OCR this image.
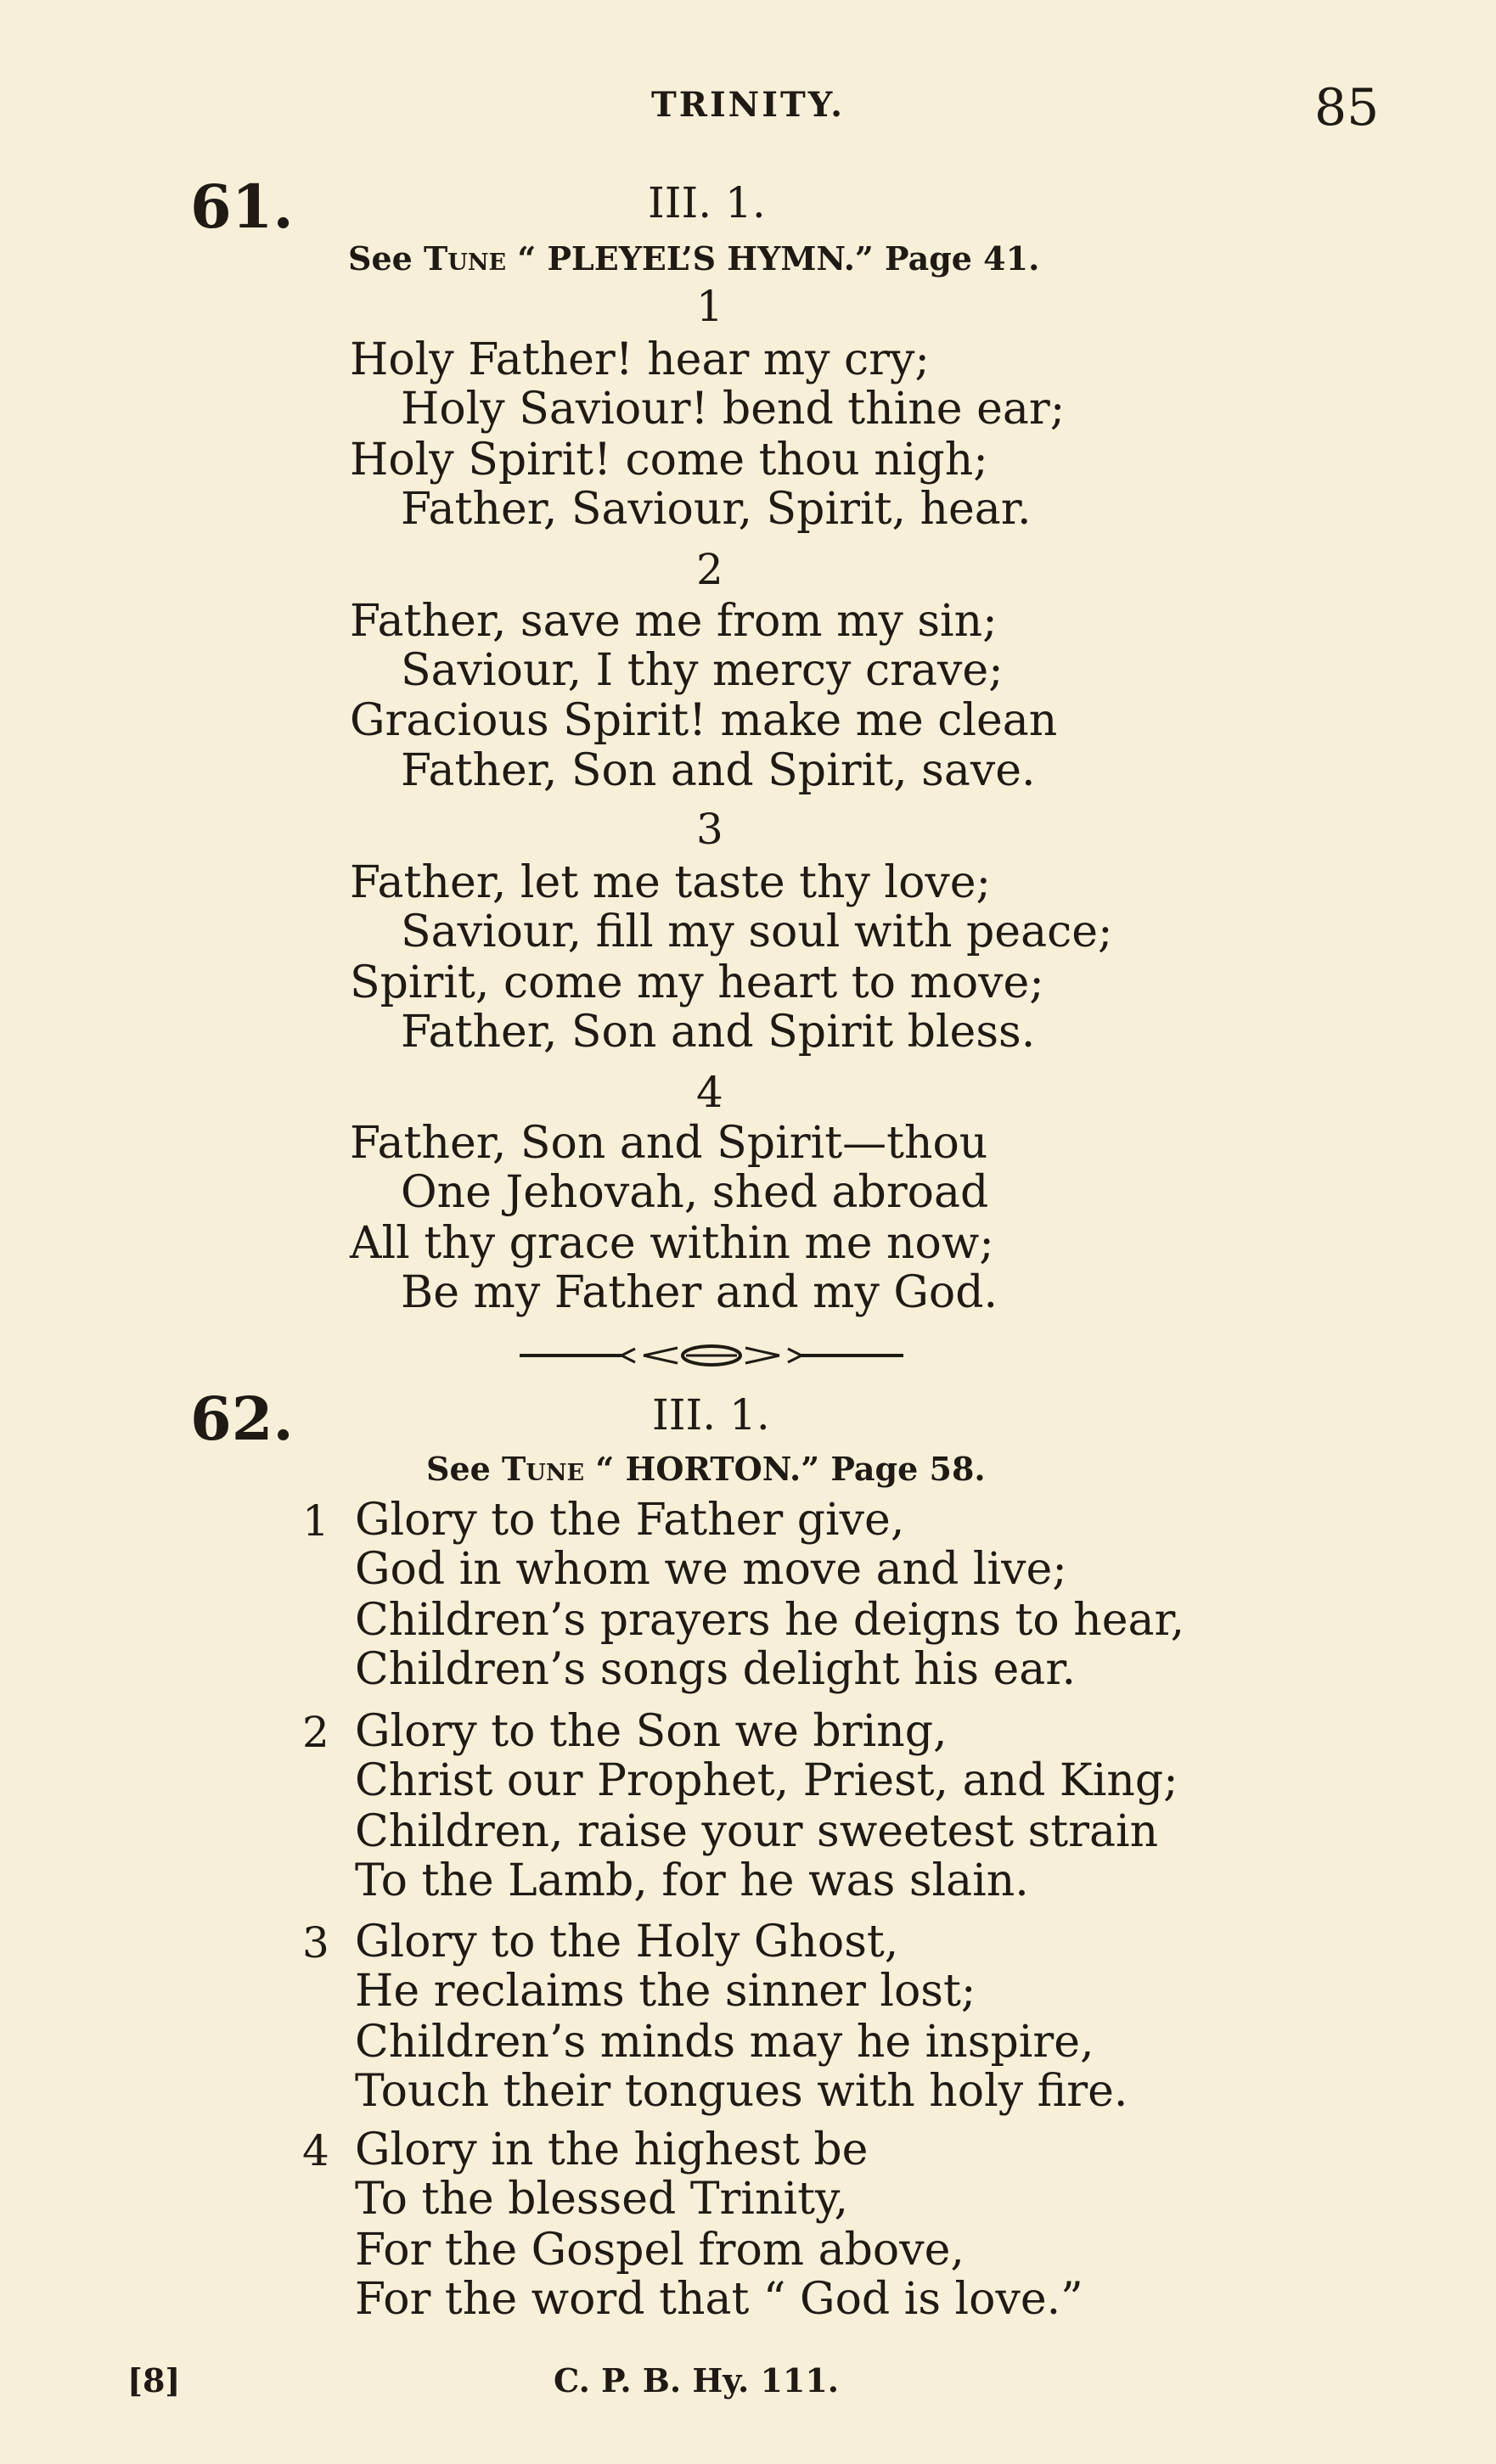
TRINITY.	85
61.	III. 1.
See Tune “ PLEYEL’S HYMN.” Page 41.
1
Holy Father! hear my cry;
Holy Saviour! bend thine ear;
Holy Spirit! come thou nigh;
Father, Saviour, Spirit, hear.
2
Father, save me from my sin;
Saviour, I thy mercy crave;
Gracious Spirit! make me clean
Father, Son and Spirit, save.
3
Father, let me taste thy love;
Saviour, fill my soul with peace;
Spirit, come my heart to move;
Father, Son and Spirit bless.
4
Father, Son and Spirit—thou
One Jehovah, shed abroad
All thy grace within me now;
Be my Father and my God.
62.	III. 1.
See Tune “ HORTON.” Page 58.
1 Glory to the Father give,
God in whom we move and live;
Children’s prayers he deigns to hear,
Children’s songs delight his ear.
2 Glory to the Son we bring,
Christ our Prophet, Priest, and King;
Children, raise your sweetest strain
To the Lamb, for he was slain.
3 Glory to the Holy Ghost,
He reclaims the sinner lost;
Children’s minds may he inspire,
Touch their tongues with holy fire.
4 Glory in the highest be
To the blessed Trinity,
For the Gospel from above,
For the word that “ God is love.”
[8]	C. P. B. Hy. 111.
